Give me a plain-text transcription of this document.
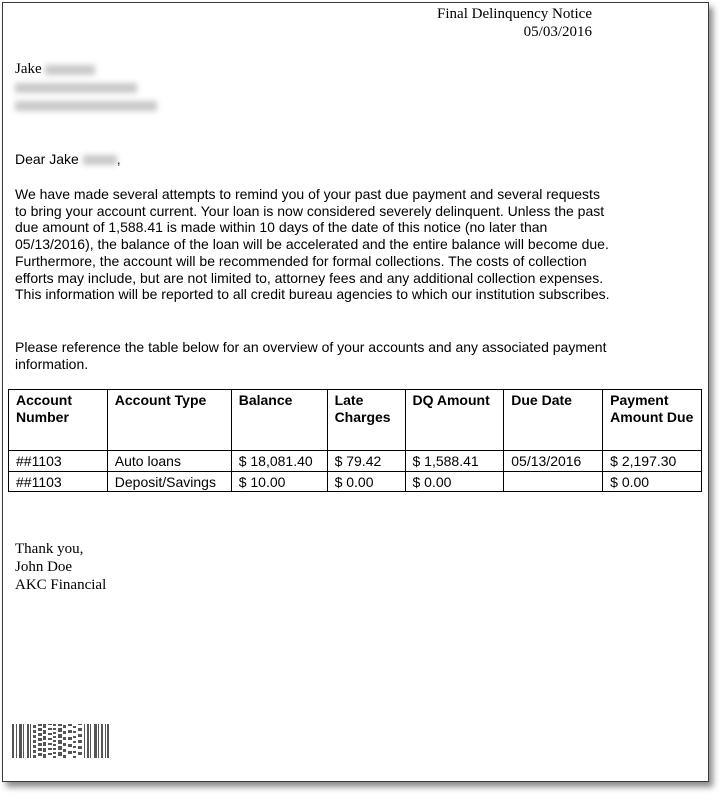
Final Delinquency Notice
05/03/2016
Jake
Dear Jake	,

We have made several attempts to remind you of your past due payment and several requests to bring your account current. Your loan is now considered severely delinquent. Unless the past due amount of 1,588.41 is made within 10 days of the date of this notice (no later than 05/13/2016), the balance of the loan will be accelerated and the entire balance will become due. Furthermore, the account will be recommended for formal collections. The costs of collection efforts may include, but are not limited to, attorney fees and any additional collection expenses. This information will be reported to all credit bureau agencies to which our institution subscribes.

Please reference the table below for an overview of your accounts and any associated payment information.

Account Number	Account Type	Balance	Late Charges	DQ Amount	Due Date	Payment Amount Due
##1103	Auto loans	$ 18,081.40	$ 79.42	$ 1,588.41	05/13/2016	$ 2,197.30
##1103	Deposit/Savings	$ 10.00	$ 0.00	$ 0.00		$ 0.00
Thank you,
John Doe
AKC Financial
